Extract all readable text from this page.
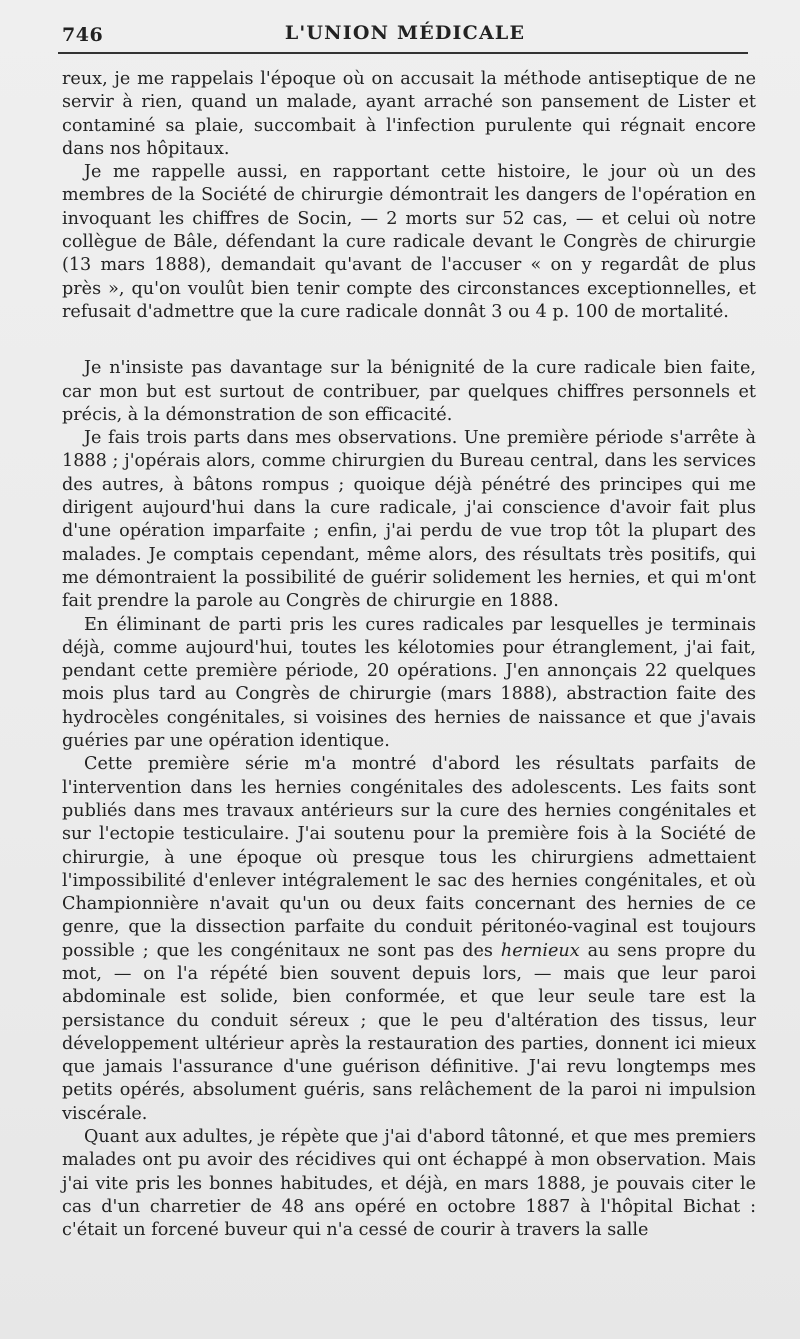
746	L'UNION MÉDICALE

reux, je me rappelais l'époque où on accusait la méthode antiseptique de ne servir à rien, quand un malade, ayant arraché son pansement de Lister et contaminé sa plaie, succombait à l'infection purulente qui régnait encore dans nos hôpitaux.

Je me rappelle aussi, en rapportant cette histoire, le jour où un des membres de la Société de chirurgie démontrait les dangers de l'opération en invoquant les chiffres de Socin, — 2 morts sur 52 cas, — et celui où notre collègue de Bâle, défendant la cure radicale devant le Congrès de chirurgie (13 mars 1888), demandait qu'avant de l'accuser « on y regardât de plus près », qu'on voulût bien tenir compte des circonstances exceptionnelles, et refusait d'admettre que la cure radicale donnât 3 ou 4 p. 100 de mortalité.

Je n'insiste pas davantage sur la bénignité de la cure radicale bien faite, car mon but est surtout de contribuer, par quelques chiffres personnels et précis, à la démonstration de son efficacité.

Je fais trois parts dans mes observations. Une première période s'arrête à 1888 ; j'opérais alors, comme chirurgien du Bureau central, dans les services des autres, à bâtons rompus ; quoique déjà pénétré des principes qui me dirigent aujourd'hui dans la cure radicale, j'ai conscience d'avoir fait plus d'une opération imparfaite ; enfin, j'ai perdu de vue trop tôt la plupart des malades. Je comptais cependant, même alors, des résultats très positifs, qui me démontraient la possibilité de guérir solidement les hernies, et qui m'ont fait prendre la parole au Congrès de chirurgie en 1888.

En éliminant de parti pris les cures radicales par lesquelles je terminais déjà, comme aujourd'hui, toutes les kélotomies pour étranglement, j'ai fait, pendant cette première période, 20 opérations. J'en annonçais 22 quelques mois plus tard au Congrès de chirurgie (mars 1888), abstraction faite des hydrocèles congénitales, si voisines des hernies de naissance et que j'avais guéries par une opération identique.

Cette première série m'a montré d'abord les résultats parfaits de l'intervention dans les hernies congénitales des adolescents. Les faits sont publiés dans mes travaux antérieurs sur la cure des hernies congénitales et sur l'ectopie testiculaire. J'ai soutenu pour la première fois à la Société de chirurgie, à une époque où presque tous les chirurgiens admettaient l'impossibilité d'enlever intégralement le sac des hernies congénitales, et où Championnière n'avait qu'un ou deux faits concernant des hernies de ce genre, que la dissection parfaite du conduit péritonéo-vaginal est toujours possible ; que les congénitaux ne sont pas des hernieux au sens propre du mot, — on l'a répété bien souvent depuis lors, — mais que leur paroi abdominale est solide, bien conformée, et que leur seule tare est la persistance du conduit séreux ; que le peu d'altération des tissus, leur développement ultérieur après la restauration des parties, donnent ici mieux que jamais l'assurance d'une guérison définitive. J'ai revu longtemps mes petits opérés, absolument guéris, sans relâchement de la paroi ni impulsion viscérale.

Quant aux adultes, je répète que j'ai d'abord tâtonné, et que mes premiers malades ont pu avoir des récidives qui ont échappé à mon observation. Mais j'ai vite pris les bonnes habitudes, et déjà, en mars 1888, je pouvais citer le cas d'un charretier de 48 ans opéré en octobre 1887 à l'hôpital Bichat : c'était un forcené buveur qui n'a cessé de courir à travers la salle
